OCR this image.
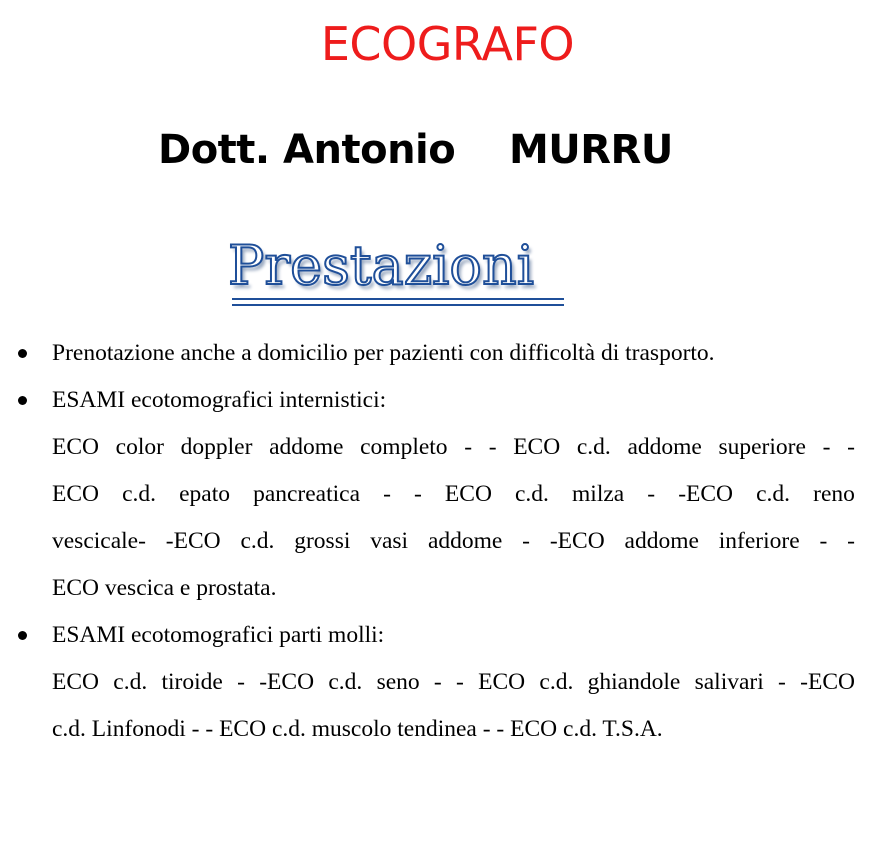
ECOGRAFO
Dott. Antonio    MURRU
Prestazioni
Prenotazione anche a domicilio per pazienti con difficoltà di trasporto.
ESAMI ecotomografici internistici:
ECO color doppler addome completo - - ECO c.d. addome superiore - -
ECO c.d. epato pancreatica - - ECO c.d. milza - -ECO c.d. reno
vescicale- -ECO c.d. grossi vasi addome - -ECO addome inferiore - -
ECO vescica e prostata.
ESAMI ecotomografici parti molli:
ECO c.d. tiroide - -ECO c.d. seno - - ECO c.d. ghiandole salivari - -ECO
c.d. Linfonodi - - ECO c.d. muscolo tendinea - - ECO c.d. T.S.A.
